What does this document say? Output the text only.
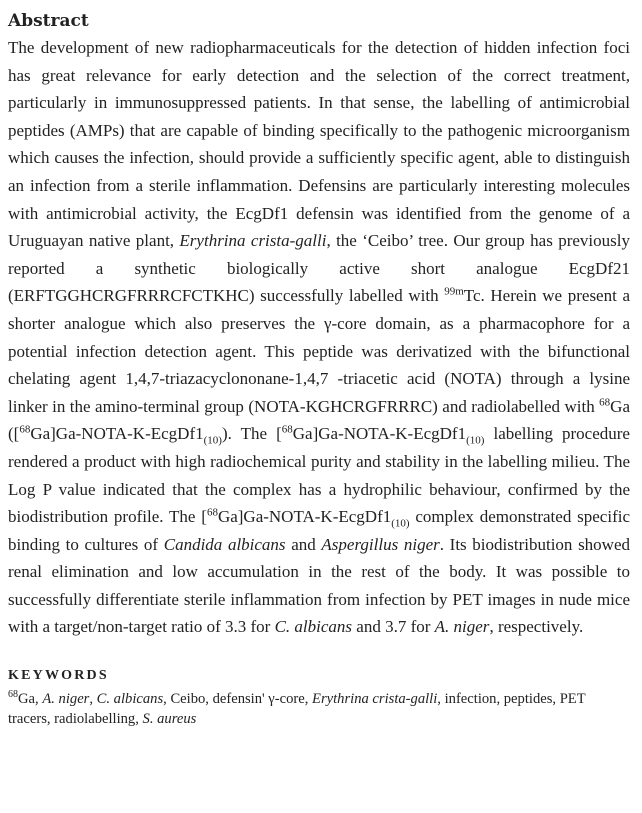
Abstract

The development of new radiopharmaceuticals for the detection of hidden infection foci has great relevance for early detection and the selection of the correct treatment, particularly in immunosuppressed patients. In that sense, the labelling of antimicrobial peptides (AMPs) that are capable of binding specifically to the pathogenic microorganism which causes the infection, should provide a sufficiently specific agent, able to distinguish an infection from a sterile inflammation. Defensins are particularly interesting molecules with antimicrobial activity, the EcgDf1 defensin was identified from the genome of a Uruguayan native plant, Erythrina crista-galli, the ‘Ceibo’ tree. Our group has previously reported a synthetic biologically active short analogue EcgDf21 (ERFTGGHCRGFRRRCFCTKHC) successfully labelled with $^{99m}$Tc. Herein we present a shorter analogue which also preserves the γ-core domain, as a pharmacophore for a potential infection detection agent. This peptide was derivatized with the bifunctional chelating agent 1,4,7-triazacyclononane-1,4,7 -triacetic acid (NOTA) through a lysine linker in the amino-terminal group (NOTA-KGHCRGFRRRC) and radiolabelled with $^{68}$Ga $([^{68}Ga]Ga-NOTA-K-EcgDf1_{(10)})$. The $[^{68}Ga]Ga-NOTA-K-EcgDf1_{(10)}$ labelling procedure rendered a product with high radiochemical purity and stability in the labelling milieu. The Log P value indicated that the complex has a hydrophilic behaviour, confirmed by the biodistribution profile. The $[^{68}Ga]Ga-NOTA-K-EcgDf1_{(10)}$ complex demonstrated specific binding to cultures of Candida albicans and Aspergillus niger. Its biodistribution showed renal elimination and low accumulation in the rest of the body. It was possible to successfully differentiate sterile inflammation from infection by PET images in nude mice with a target/non-target ratio of 3.3 for C. albicans and 3.7 for A. niger, respectively.

KEYWORDS
$^{68}$Ga, A. niger, C. albicans, Ceibo, defensin' γ-core, Erythrina crista-galli, infection, peptides, PET tracers, radiolabelling, S. aureus
